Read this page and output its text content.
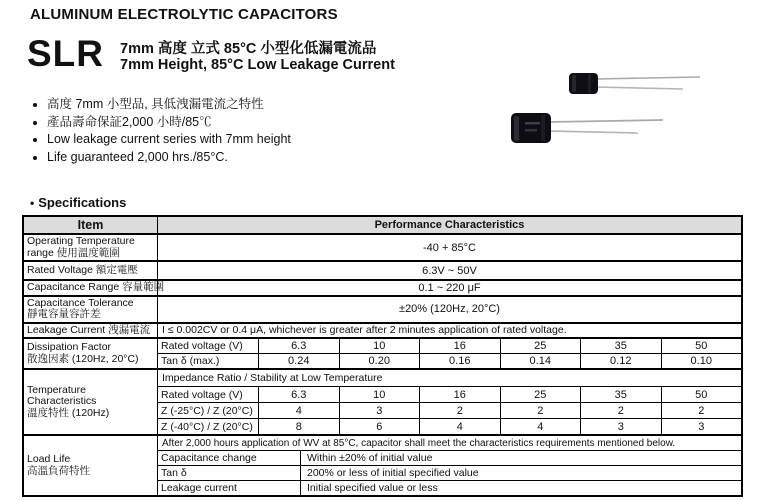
ALUMINUM ELECTROLYTIC CAPACITORS
SLR 7mm 高度 立式 85°C 小型化低漏電流品
7mm Height, 85°C Low Leakage Current
• 高度 7mm 小型品, 具低洩漏電流之特性
• 產品壽命保証2,000 小時/85℃
• Low leakage current series with 7mm height
• Life guaranteed 2,000 hrs./85°C.
• Specifications
Item	Performance Characteristics
Operating Temperature range 使用溫度範圍	-40 + 85°C
Rated Voltage 額定電壓	6.3V ~ 50V
Capacitance Range 容量範圍	0.1 ~ 220 μF
Capacitance Tolerance
靜電容量容許差	±20% (120Hz, 20°C)
Leakage Current 洩漏電流	I ≤ 0.002CV or 0.4 μA, whichever is greater after 2 minutes application of rated voltage.
Dissipation Factor
散逸因素 (120Hz, 20°C)
Rated voltage (V)	6.3	10	16	25	35	50
Tan δ (max.)	0.24	0.20	0.16	0.14	0.12	0.10
Temperature Characteristics
溫度特性 (120Hz)
Impedance Ratio / Stability at Low Temperature
Rated voltage (V)	6.3	10	16	25	35	50
Z (-25°C) / Z (20°C)	4	3	2	2	2	2
Z (-40°C) / Z (20°C)	8	6	4	4	3	3
Load Life
高溫負荷特性
After 2,000 hours application of WV at 85°C, capacitor shall meet the characteristics requirements mentioned below.
Capacitance change	Within ±20% of initial value
Tan δ	200% or less of initial specified value
Leakage current	Initial specified value or less
